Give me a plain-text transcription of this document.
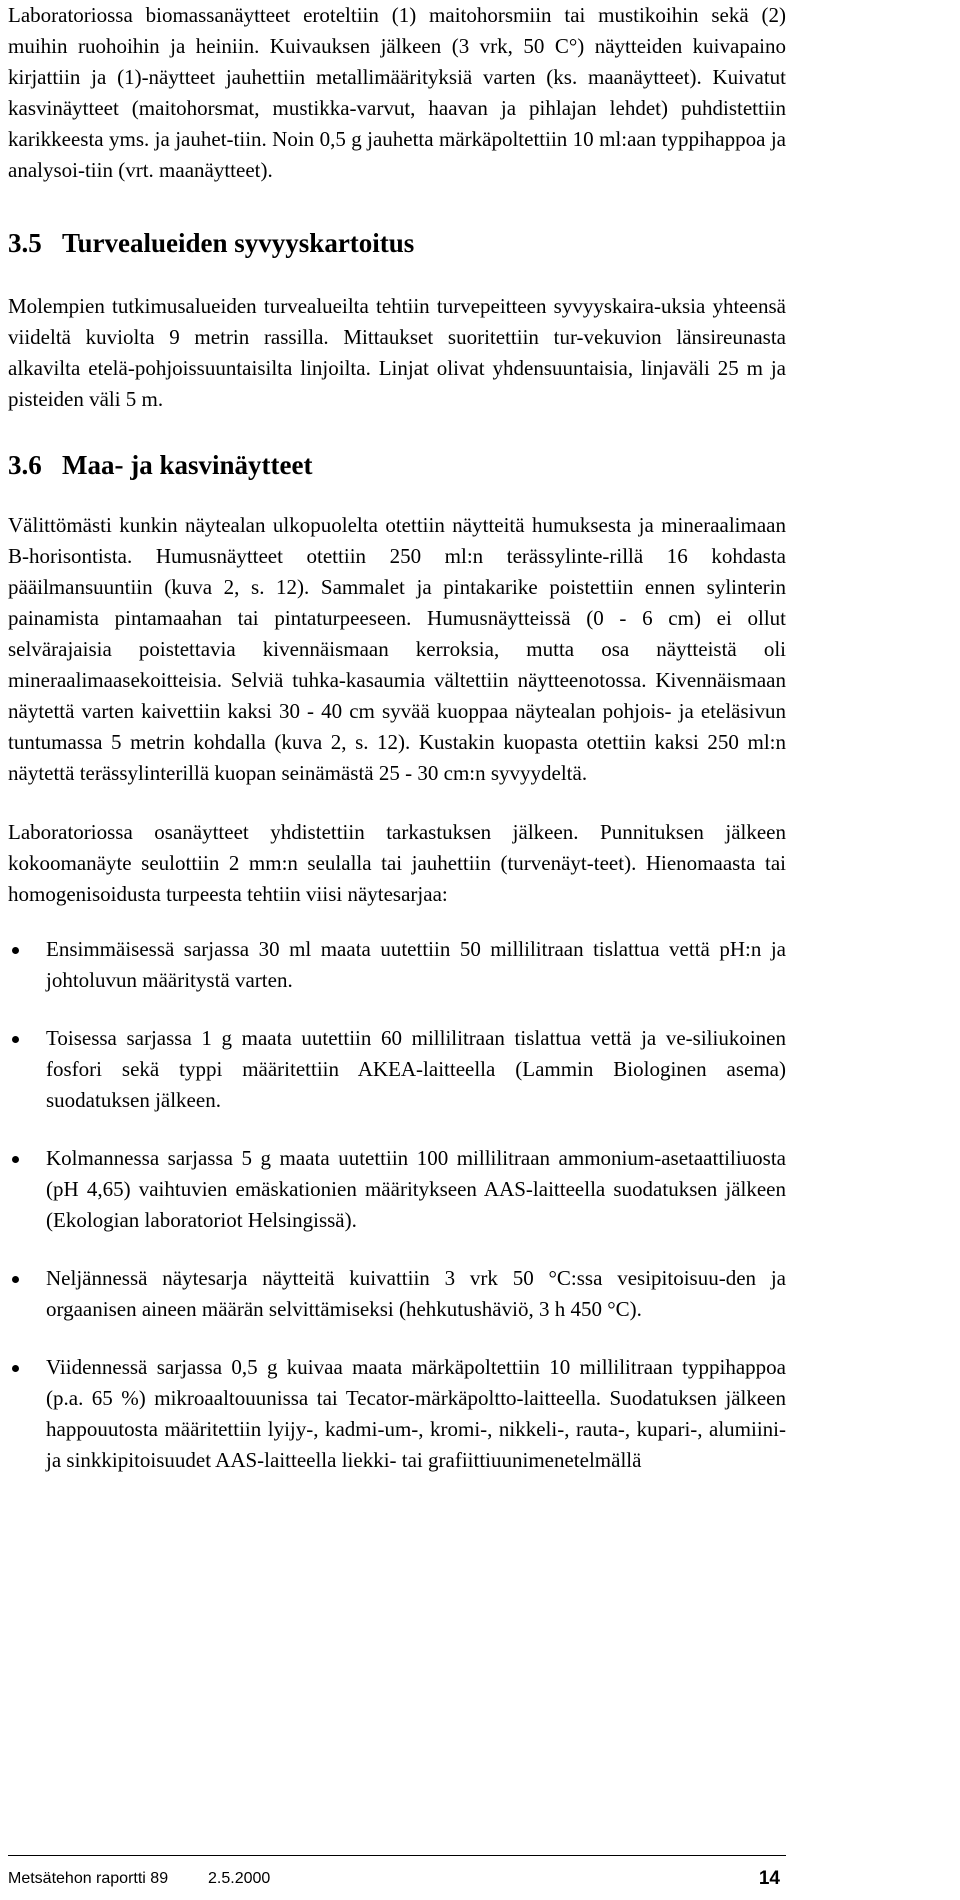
Laboratoriossa biomassanäytteet eroteltiin (1) maitohorsmiin tai mustikoihin sekä (2) muihin ruohoihin ja heiniin. Kuivauksen jälkeen (3 vrk, 50 C°) näytteiden kuivapaino kirjattiin ja (1)-näytteet jauhettiin metallimäärityksiä varten (ks. maanäytteet). Kuivatut kasvinäytteet (maitohorsmat, mustikka-varvut, haavan ja pihlajan lehdet) puhdistettiin karikkeesta yms. ja jauhet-tiin. Noin 0,5 g jauhetta märkäpoltettiin 10 ml:aan typpihappoa ja analysoi-tiin (vrt. maanäytteet).

3.5 Turvealueiden syvyyskartoitus

Molempien tutkimusalueiden turvealueilta tehtiin turvepeitteen syvyyskaira-uksia yhteensä viideltä kuviolta 9 metrin rassilla. Mittaukset suoritettiin tur-vekuvion länsireunasta alkavilta etelä-pohjoissuuntaisilta linjoilta. Linjat olivat yhdensuuntaisia, linjaväli 25 m ja pisteiden väli 5 m.

3.6 Maa- ja kasvinäytteet

Välittömästi kunkin näytealan ulkopuolelta otettiin näytteitä humuksesta ja mineraalimaan B-horisontista. Humusnäytteet otettiin 250 ml:n terässylinte-rillä 16 kohdasta pääilmansuuntiin (kuva 2, s. 12). Sammalet ja pintakarike poistettiin ennen sylinterin painamista pintamaahan tai pintaturpeeseen. Humusnäytteissä (0 - 6 cm) ei ollut selvärajaisia poistettavia kivennäismaan kerroksia, mutta osa näytteistä oli mineraalimaasekoitteisia. Selviä tuhka-kasaumia vältettiin näytteenotossa. Kivennäismaan näytettä varten kaivettiin kaksi 30 - 40 cm syvää kuoppaa näytealan pohjois- ja eteläsivun tuntumassa 5 metrin kohdalla (kuva 2, s. 12). Kustakin kuopasta otettiin kaksi 250 ml:n näytettä terässylinterillä kuopan seinämästä 25 - 30 cm:n syvyydeltä.

Laboratoriossa osanäytteet yhdistettiin tarkastuksen jälkeen. Punnituksen jälkeen kokoomanäyte seulottiin 2 mm:n seulalla tai jauhettiin (turvenäyt-teet). Hienomaasta tai homogenisoidusta turpeesta tehtiin viisi näytesarjaa:

Ensimmäisessä sarjassa 30 ml maata uutettiin 50 millilitraan tislattua vettä pH:n ja johtoluvun määritystä varten.

Toisessa sarjassa 1 g maata uutettiin 60 millilitraan tislattua vettä ja ve-siliukoinen fosfori sekä typpi määritettiin AKEA-laitteella (Lammin Biologinen asema) suodatuksen jälkeen.

Kolmannessa sarjassa 5 g maata uutettiin 100 millilitraan ammonium-asetaattiliuosta (pH 4,65) vaihtuvien emäskationien määritykseen AAS-laitteella suodatuksen jälkeen (Ekologian laboratoriot Helsingissä).

Neljännessä näytesarja näytteitä kuivattiin 3 vrk 50 °C:ssa vesipitoisuu-den ja orgaanisen aineen määrän selvittämiseksi (hehkutushäviö, 3 h 450 °C).

Viidennessä sarjassa 0,5 g kuivaa maata märkäpoltettiin 10 millilitraan typpihappoa (p.a. 65 %) mikroaaltouunissa tai Tecator-märkäpoltto-laitteella. Suodatuksen jälkeen happouutosta määritettiin lyijy-, kadmi-um-, kromi-, nikkeli-, rauta-, kupari-, alumiini- ja sinkkipitoisuudet AAS-laitteella liekki- tai grafiittiuunimenetelmällä

Metsätehon raportti 89 2.5.2000	14
